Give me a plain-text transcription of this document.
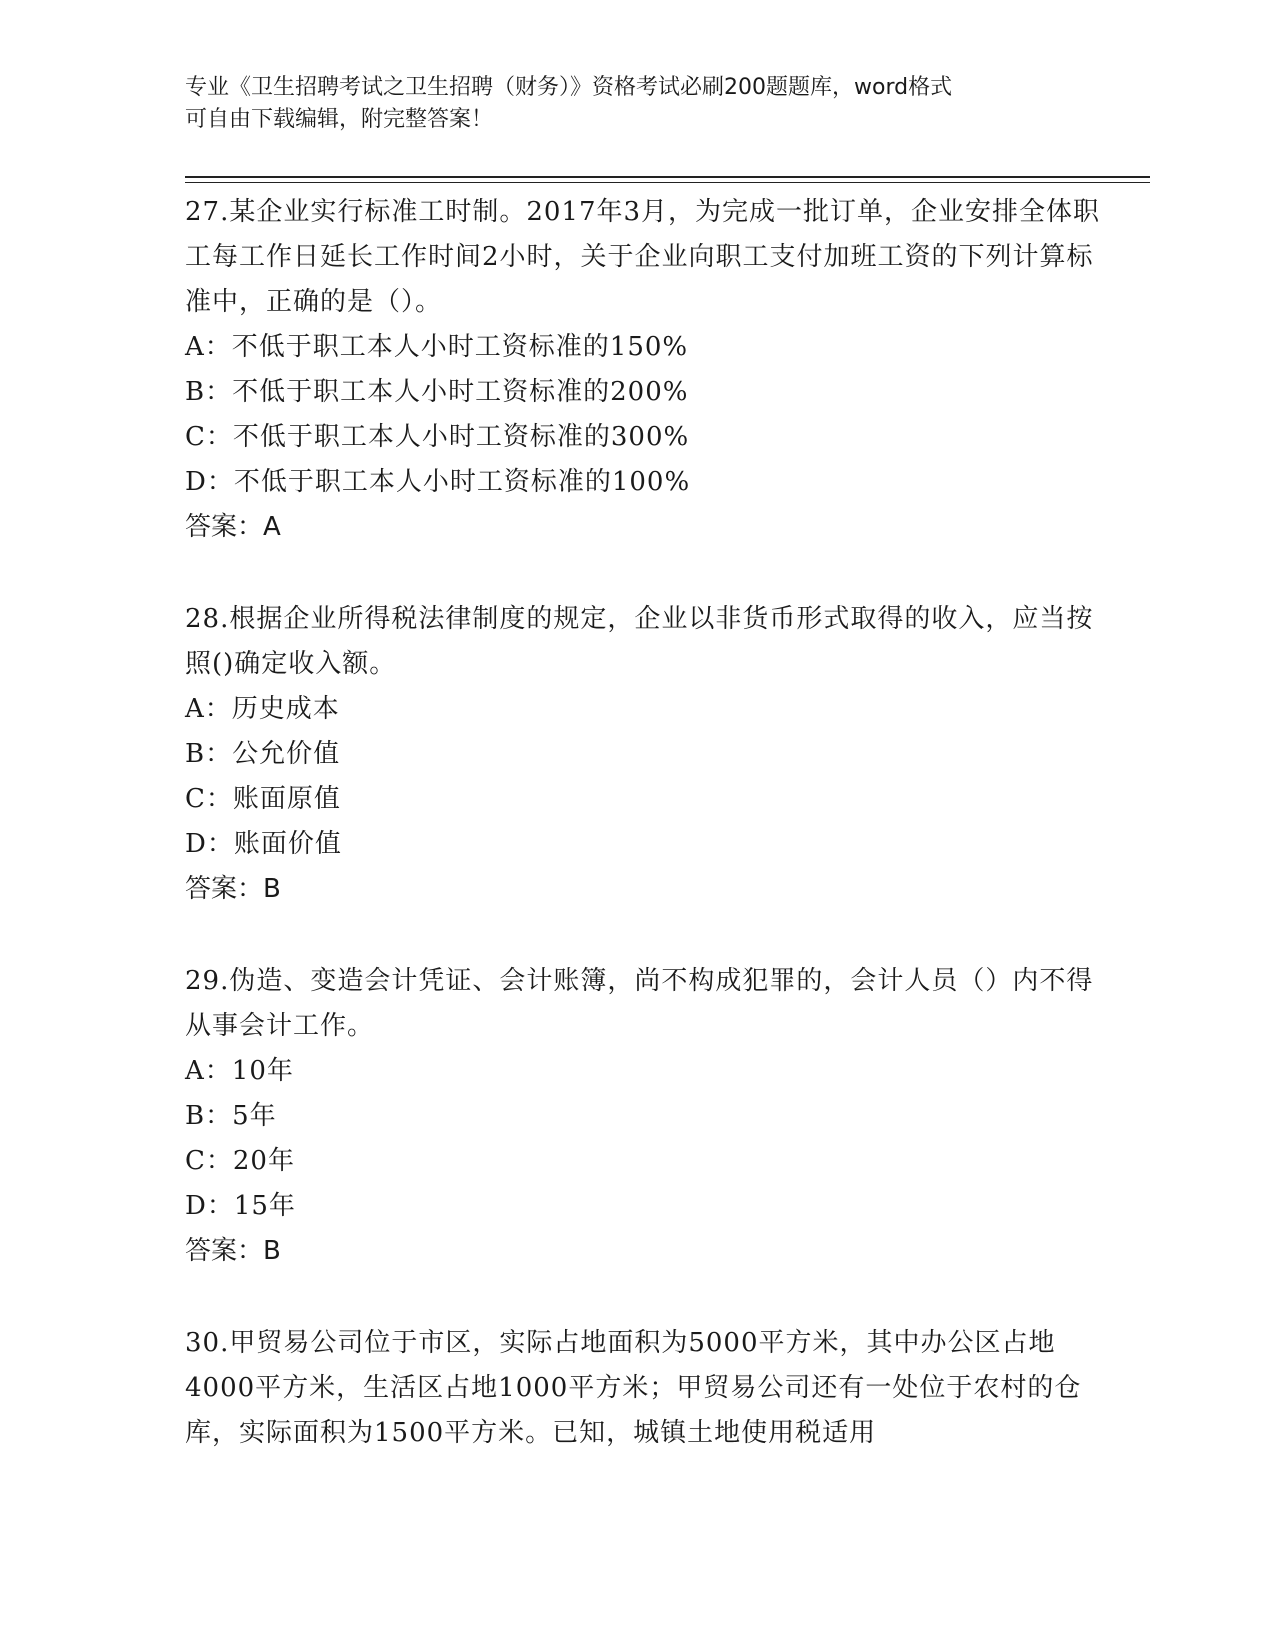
专业《卫生招聘考试之卫生招聘（财务）》资格考试必刷200题题库，word格式
可自由下载编辑，附完整答案！

27.某企业实行标准工时制。2017年3月，为完成一批订单，企业安排全体职工每工作日延长工作时间2小时，关于企业向职工支付加班工资的下列计算标准中，正确的是（）。

A：不低于职工本人小时工资标准的150%

B：不低于职工本人小时工资标准的200%

C：不低于职工本人小时工资标准的300%

D：不低于职工本人小时工资标准的100%

答案：A

28.根据企业所得税法律制度的规定，企业以非货币形式取得的收入，应当按照()确定收入额。

A：历史成本

B：公允价值

C：账面原值

D：账面价值

答案：B

29.伪造、变造会计凭证、会计账簿，尚不构成犯罪的，会计人员（）内不得从事会计工作。

A：10年

B：5年

C：20年

D：15年

答案：B

30.甲贸易公司位于市区，实际占地面积为5000平方米，其中办公区占地4000平方米，生活区占地1000平方米；甲贸易公司还有一处位于农村的仓库，实际面积为1500平方米。已知，城镇土地使用税适用
